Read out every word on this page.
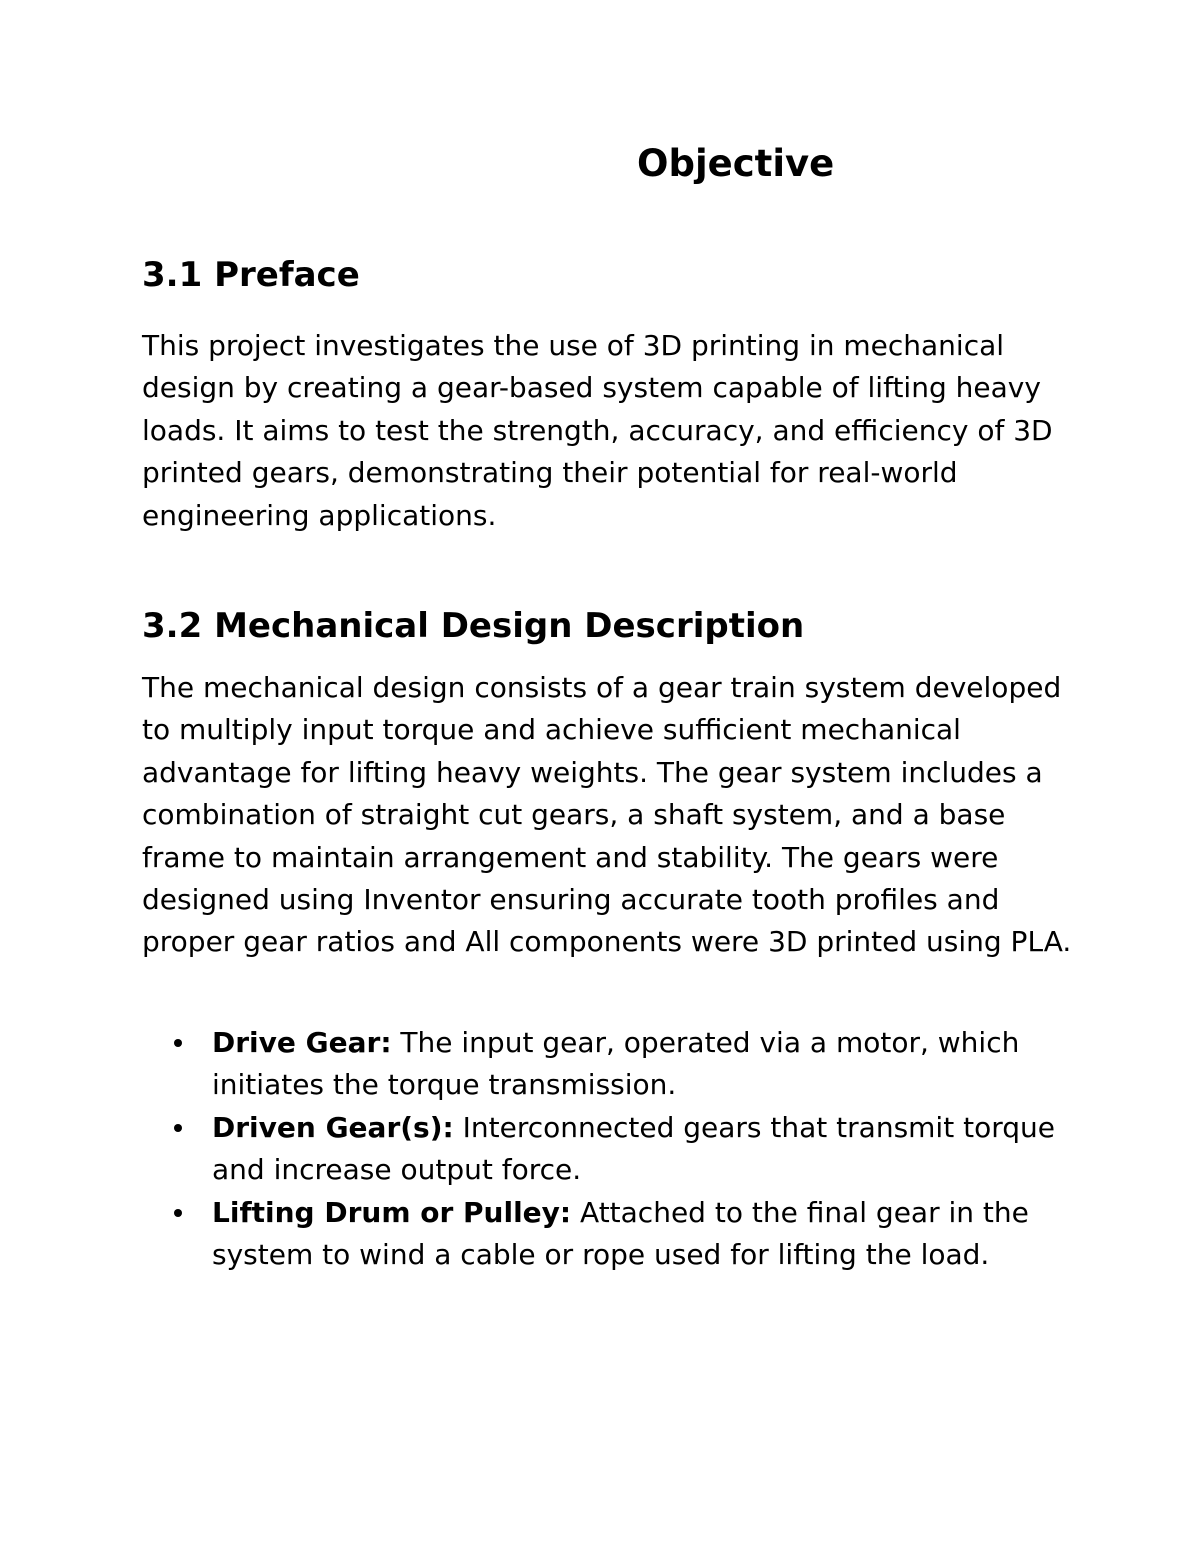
Objective
3.1 Preface

This project investigates the use of 3D printing in mechanical design by creating a gear-based system capable of lifting heavy loads. It aims to test the strength, accuracy, and efficiency of 3D printed gears, demonstrating their potential for real-world engineering applications.

3.2 Mechanical Design Description

The mechanical design consists of a gear train system developed to multiply input torque and achieve sufficient mechanical advantage for lifting heavy weights. The gear system includes a combination of straight cut gears, a shaft system, and a base frame to maintain arrangement and stability. The gears were designed using Inventor ensuring accurate tooth profiles and proper gear ratios and All components were 3D printed using PLA.

Drive Gear: The input gear, operated via a motor, which initiates the torque transmission.
Driven Gear(s): Interconnected gears that transmit torque and increase output force.
Lifting Drum or Pulley: Attached to the final gear in the system to wind a cable or rope used for lifting the load.
